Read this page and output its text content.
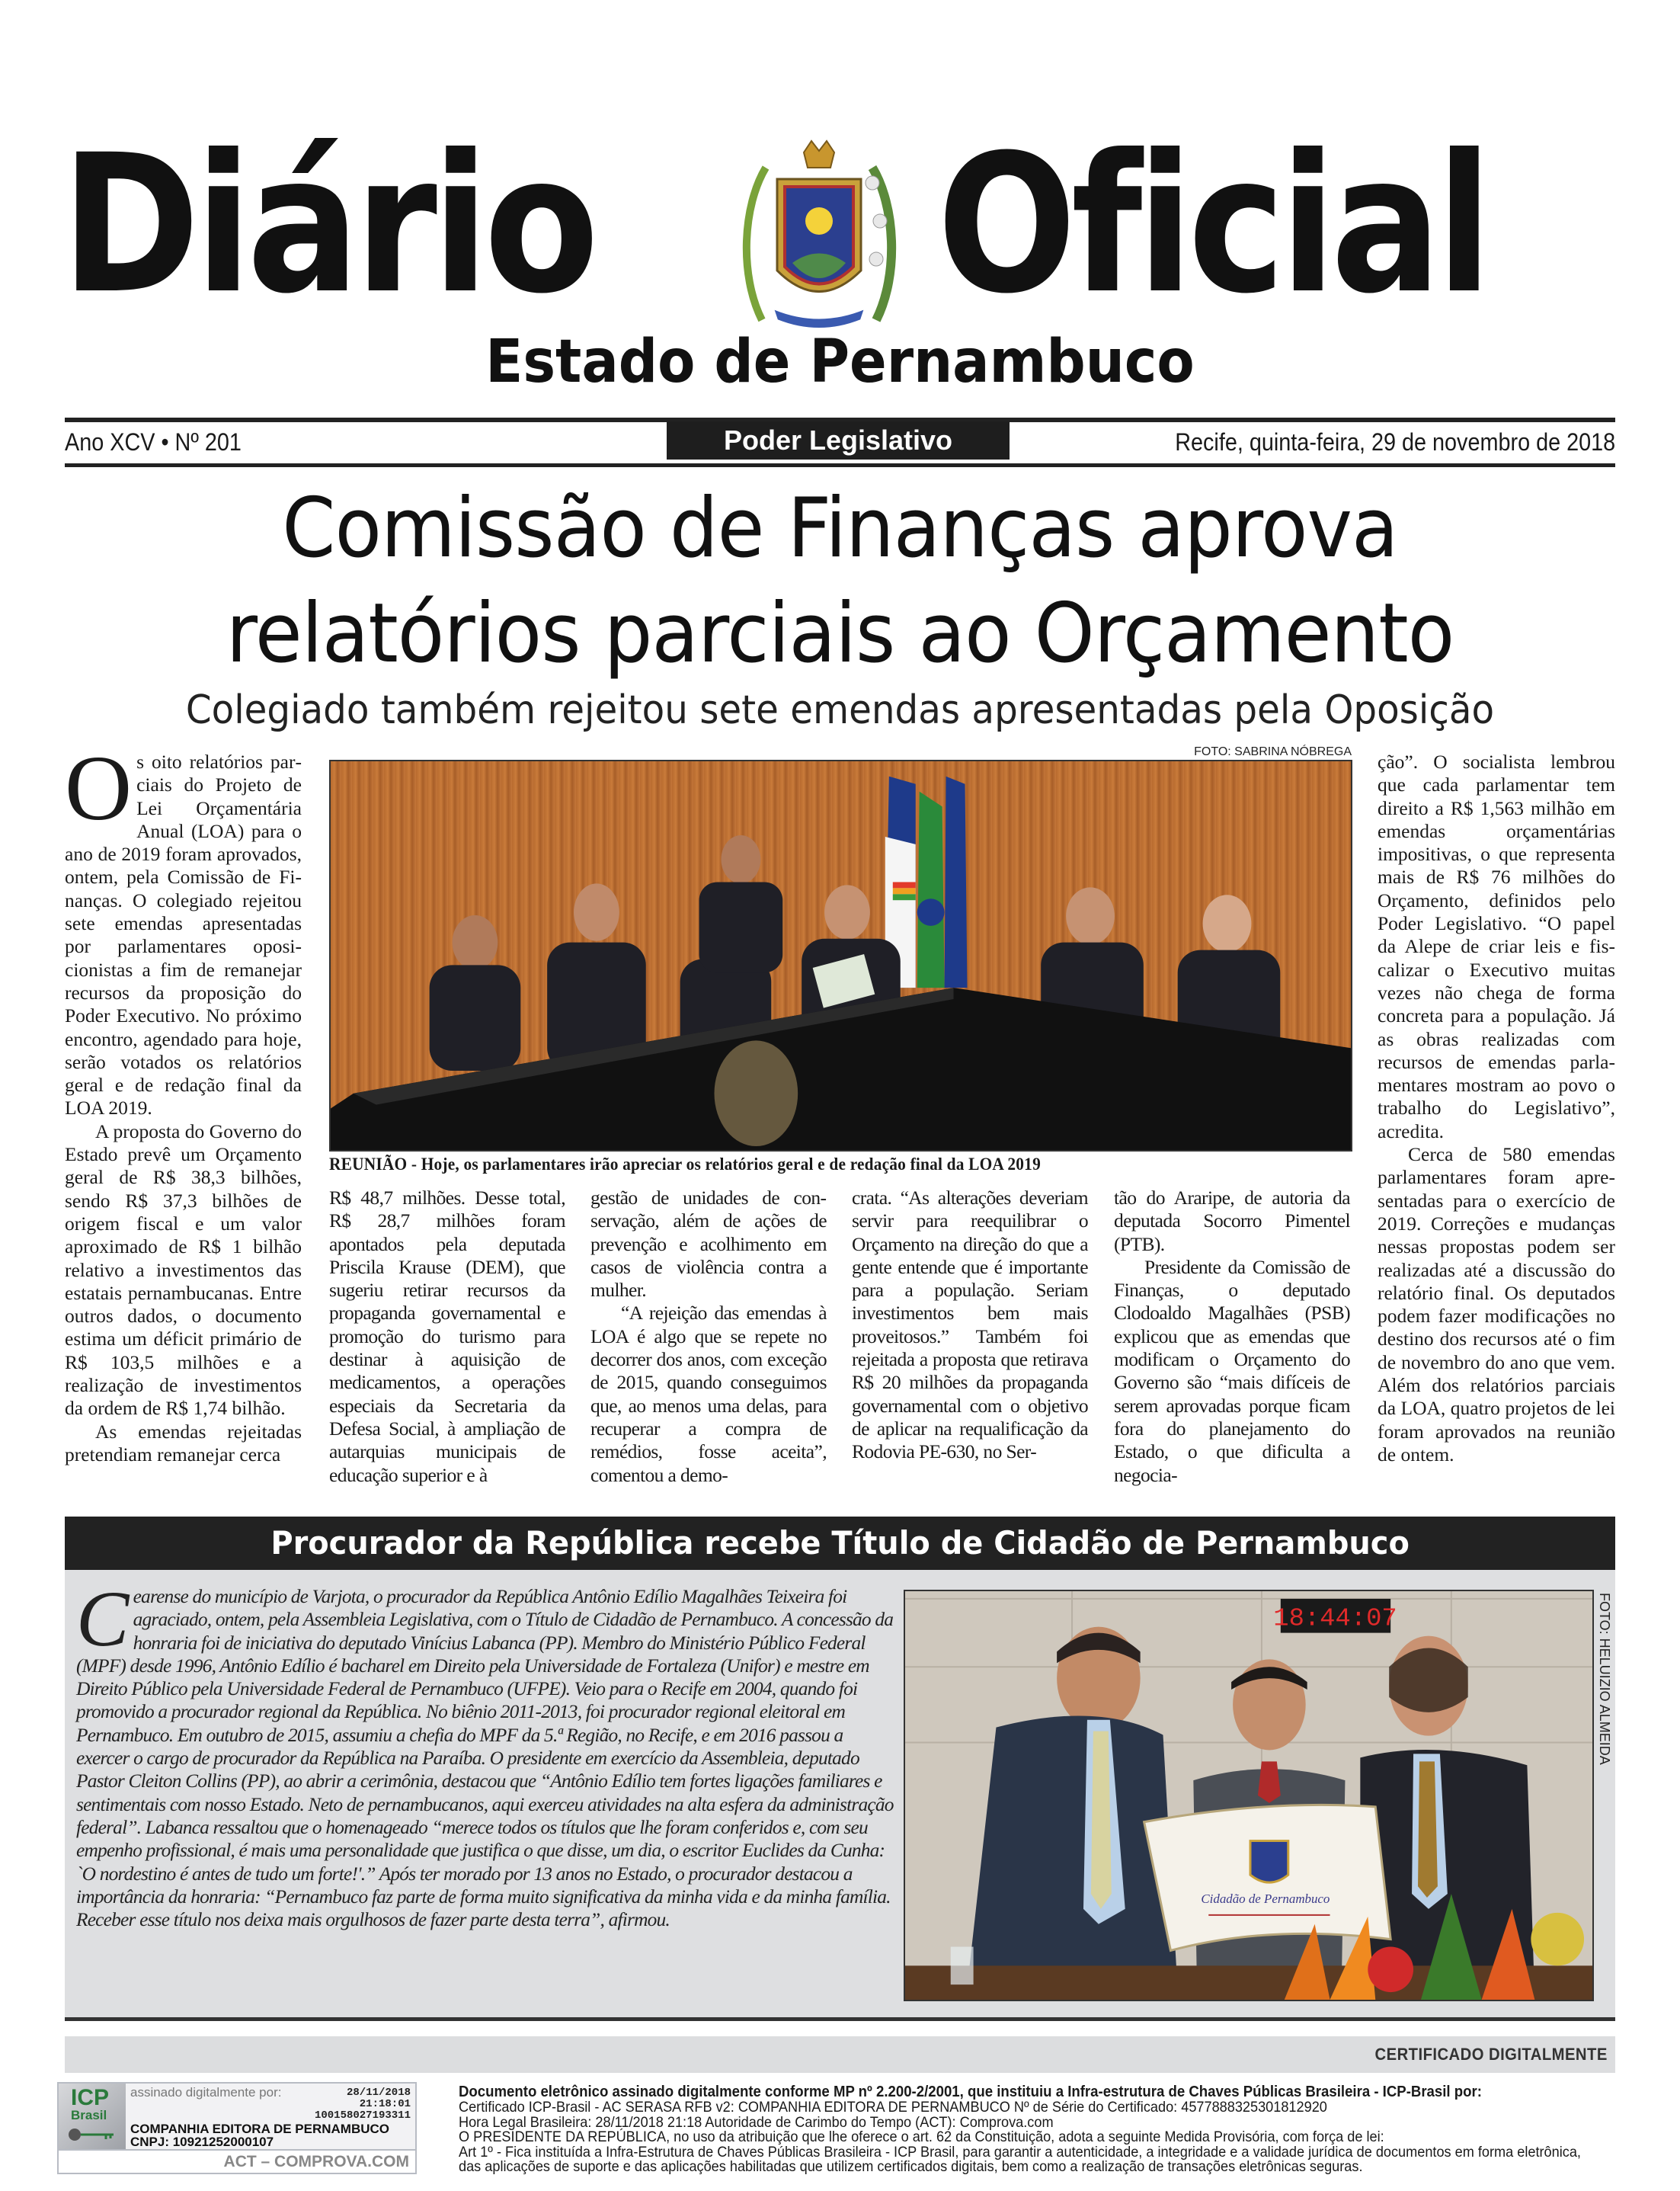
Diário	Oficial
Estado de Pernambuco
Ano XCV • Nº 201	Poder Legislativo	Recife, quinta-feira, 29 de novembro de 2018
Comissão de Finanças aprova
relatórios parciais ao Orçamento
Colegiado também rejeitou sete emendas apresentadas pela Oposição

Os oito relatórios parciais do Projeto de Lei Orçamentária Anual (LOA) para o ano de 2019 foram aprovados, ontem, pela Comissão de Finanças. O colegiado rejeitou sete emendas apresentadas por parlamentares oposicionistas a fim de remanejar recursos da proposição do Poder Executivo. No próximo encontro, agendado para hoje, serão votados os relatórios geral e de redação final da LOA 2019.

A proposta do Governo do Estado prevê um Orçamento geral de R$ 38,3 bilhões, sendo R$ 37,3 bilhões de origem fiscal e um valor aproximado de R$ 1 bilhão relativo a investimentos das estatais pernambucanas. Entre outros dados, o documento estima um déficit primário de R$ 103,5 milhões e a realização de investimentos da ordem de R$ 1,74 bilhão.

As emendas rejeitadas pretendiam remanejar cerca

FOTO: SABRINA NÓBREGA
REUNIÃO - Hoje, os parlamentares irão apreciar os relatórios geral e de redação final da LOA 2019

R$ 48,7 milhões. Desse total, R$ 28,7 milhões foram apontados pela deputada Priscila Krause (DEM), que sugeriu retirar recursos da propaganda governamental e promoção do turismo para destinar à aquisição de medicamentos, a operações especiais da Secretaria da Defesa Social, à ampliação de autarquias municipais de educação superior e à

gestão de unidades de conservação, além de ações de prevenção e acolhimento em casos de violência contra a mulher.

“A rejeição das emendas à LOA é algo que se repete no decorrer dos anos, com exceção de 2015, quando conseguimos que, ao menos uma delas, para recuperar a compra de remédios, fosse aceita”, comentou a demo-

crata. “As alterações deveriam servir para reequilibrar o Orçamento na direção do que a gente entende que é importante para a população. Seriam investimentos bem mais proveitosos.” Também foi rejeitada a proposta que retirava R$ 20 milhões da propaganda governamental com o objetivo de aplicar na requalificação da Rodovia PE-630, no Ser-

tão do Araripe, de autoria da deputada Socorro Pimentel (PTB).

Presidente da Comissão de Finanças, o deputado Clodoaldo Magalhães (PSB) explicou que as emendas que modificam o Orçamento do Governo são “mais difíceis de serem aprovadas porque ficam fora do planejamento do Estado, o que dificulta a negocia-

ção”. O socialista lembrou que cada parlamentar tem direito a R$ 1,563 milhão em emendas orçamentárias impositivas, o que representa mais de R$ 76 milhões do Orçamento, definidos pelo Poder Legislativo. “O papel da Alepe de criar leis e fiscalizar o Executivo muitas vezes não chega de forma concreta para a população. Já as obras realizadas com recursos de emendas parlamentares mostram ao povo o trabalho do Legislativo”, acredita.

Cerca de 580 emendas parlamentares foram apresentadas para o exercício de 2019. Correções e mudanças nessas propostas podem ser realizadas até a discussão do relatório final. Os deputados podem fazer modificações no destino dos recursos até o fim de novembro do ano que vem. Além dos relatórios parciais da LOA, quatro projetos de lei foram aprovados na reunião de ontem.

Procurador da República recebe Título de Cidadão de Pernambuco
Cearense do município de Varjota, o procurador da República Antônio Edílio Magalhães Teixeira foi agraciado, ontem, pela Assembleia Legislativa, com o Título de Cidadão de Pernambuco. A concessão da honraria foi de iniciativa do deputado Vinícius Labanca (PP). Membro do Ministério Público Federal (MPF) desde 1996, Antônio Edílio é bacharel em Direito pela Universidade de Fortaleza (Unifor) e mestre em Direito Público pela Universidade Federal de Pernambuco (UFPE). Veio para o Recife em 2004, quando foi promovido a procurador regional da República. No biênio 2011-2013, foi procurador regional eleitoral em Pernambuco. Em outubro de 2015, assumiu a chefia do MPF da 5.ª Região, no Recife, e em 2016 passou a exercer o cargo de procurador da República na Paraíba. O presidente em exercício da Assembleia, deputado Pastor Cleiton Collins (PP), ao abrir a cerimônia, destacou que “Antônio Edílio tem fortes ligações familiares e sentimentais com nosso Estado. Neto de pernambucanos, aqui exerceu atividades na alta esfera da administração federal”. Labanca ressaltou que o homenageado “merece todos os títulos que lhe foram conferidos e, com seu empenho profissional, é mais uma personalidade que justifica o que disse, um dia, o escritor Euclides da Cunha: `O nordestino é antes de tudo um forte!'.” Após ter morado por 13 anos no Estado, o procurador destacou a importância da honraria: “Pernambuco faz parte de forma muito significativa da minha vida e da minha família. Receber esse título nos deixa mais orgulhosos de fazer parte desta terra”, afirmou.
18:44:07
Cidadão de Pernambuco
FOTO: HELUIZIO ALMEIDA
CERTIFICADO DIGITALMENTE
ICP
Brasil
assinado digitalmente por:	28/11/2018
21:18:01
100158027193311
COMPANHIA EDITORA DE PERNAMBUCO
CNPJ: 10921252000107
ACT – COMPROVA.COM
Documento eletrônico assinado digitalmente conforme MP nº 2.200-2/2001, que instituiu a Infra-estrutura de Chaves Públicas Brasileira - ICP-Brasil por:
Certificado ICP-Brasil - AC SERASA RFB v2: COMPANHIA EDITORA DE PERNAMBUCO Nº de Série do Certificado: 4577888325301812920
Hora Legal Brasileira: 28/11/2018 21:18 Autoridade de Carimbo do Tempo (ACT): Comprova.com
O PRESIDENTE DA REPÚBLICA, no uso da atribuição que lhe oferece o art. 62 da Constituição, adota a seguinte Medida Provisória, com força de lei:
Art 1º - Fica instituída a Infra-Estrutura de Chaves Públicas Brasileira - ICP Brasil, para garantir a autenticidade, a integridade e a validade jurídica de documentos em forma eletrônica,
das aplicações de suporte e das aplicações habilitadas que utilizem certificados digitais, bem como a realização de transações eletrônicas seguras.
